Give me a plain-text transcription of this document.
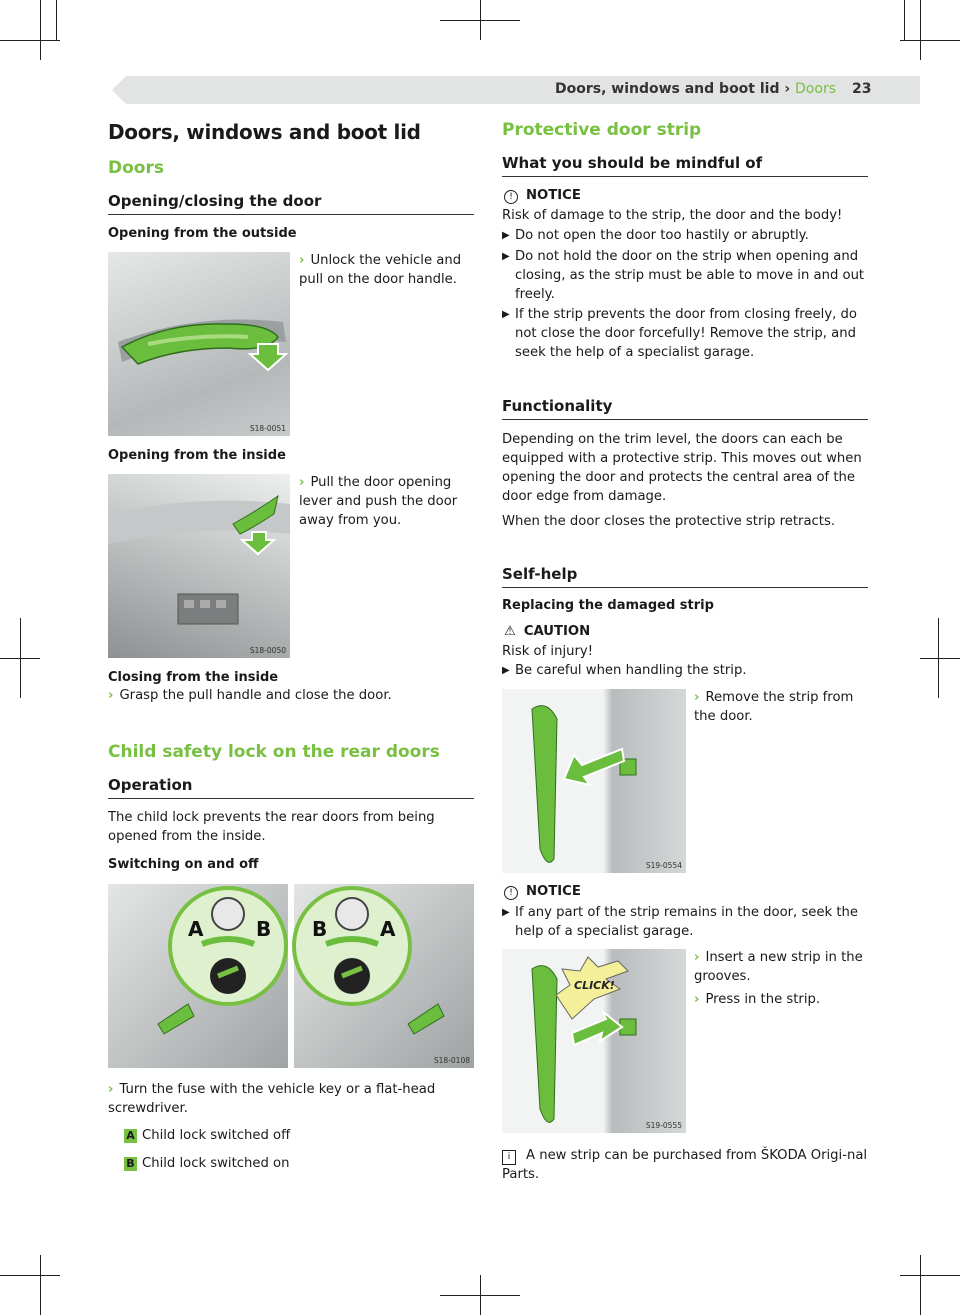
Doors, windows and boot lid › Doors 23
Doors, windows and boot lid
Doors
Opening/closing the door
Opening from the outside
S18-0051
› Unlock the vehicle and pull on the door handle.
Opening from the inside
S18-0050
› Pull the door opening lever and push the door away from you.
Closing from the inside
› Grasp the pull handle and close the door.
Child safety lock on the rear doors
Operation
The child lock prevents the rear doors from being opened from the inside.
Switching on and off
A	B B	A
S18-0108
› Turn the fuse with the vehicle key or a flat-head screwdriver.
A Child lock switched off
B Child lock switched on
Protective door strip
What you should be mindful of
! NOTICE
Risk of damage to the strip, the door and the body!
▶ Do not open the door too hastily or abruptly.
▶ Do not hold the door on the strip when opening and closing, as the strip must be able to move in and out freely.
▶ If the strip prevents the door from closing freely, do not close the door forcefully! Remove the strip, and seek the help of a specialist garage.
Functionality
Depending on the trim level, the doors can each be equipped with a protective strip. This moves out when opening the door and protects the central area of the door edge from damage.
When the door closes the protective strip retracts.
Self-help
Replacing the damaged strip
⚠ CAUTION
Risk of injury!
▶ Be careful when handling the strip.
S19-0554
› Remove the strip from the door.
! NOTICE
▶ If any part of the strip remains in the door, seek the help of a specialist garage.
CLICK!
S19-0555
› Insert a new strip in the grooves.
› Press in the strip.
i A new strip can be purchased from ŠKODA Origi-nal Parts.
